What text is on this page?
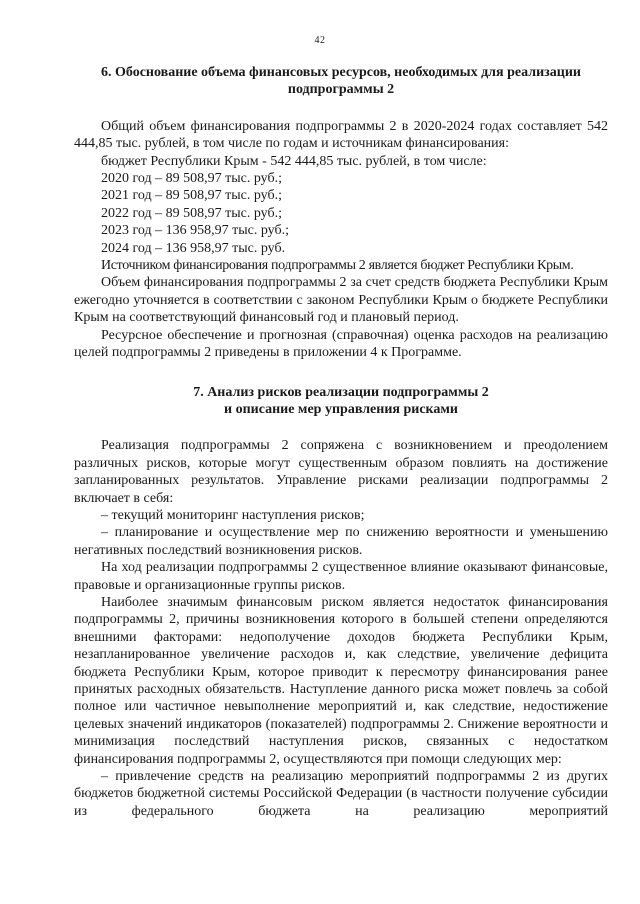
42
6. Обоснование объема финансовых ресурсов, необходимых для реализации
подпрограммы 2

Общий объем финансирования подпрограммы 2 в 2020-2024 годах составляет 542 444,85 тыс. рублей, в том числе по годам и источникам финансирования:

бюджет Республики Крым - 542 444,85 тыс. рублей, в том числе:

2020 год – 89 508,97 тыс. руб.;

2021 год – 89 508,97 тыс. руб.;

2022 год – 89 508,97 тыс. руб.;

2023 год – 136 958,97 тыс. руб.;

2024 год – 136 958,97 тыс. руб.

Источником финансирования подпрограммы 2 является бюджет Республики Крым.

Объем финансирования подпрограммы 2 за счет средств бюджета Республики Крым ежегодно уточняется в соответствии с законом Республики Крым о бюджете Республики Крым на соответствующий финансовый год и плановый период.

Ресурсное обеспечение и прогнозная (справочная) оценка расходов на реализацию целей подпрограммы 2 приведены в приложении 4 к Программе.

7. Анализ рисков реализации подпрограммы 2
и описание мер управления рисками

Реализация подпрограммы 2 сопряжена с возникновением и преодолением различных рисков, которые могут существенным образом повлиять на достижение запланированных результатов. Управление рисками реализации подпрограммы 2 включает в себя:

– текущий мониторинг наступления рисков;

– планирование и осуществление мер по снижению вероятности и уменьшению негативных последствий возникновения рисков.

На ход реализации подпрограммы 2 существенное влияние оказывают финансовые, правовые и организационные группы рисков.

Наиболее значимым финансовым риском является недостаток финансирования подпрограммы 2, причины возникновения которого в большей степени определяются внешними факторами: недополучение доходов бюджета Республики Крым, незапланированное увеличение расходов и, как следствие, увеличение дефицита бюджета Республики Крым, которое приводит к пересмотру финансирования ранее принятых расходных обязательств. Наступление данного риска может повлечь за собой полное или частичное невыполнение мероприятий и, как следствие, недостижение целевых значений индикаторов (показателей) подпрограммы 2. Снижение вероятности и минимизация последствий наступления рисков, связанных с недостатком финансирования подпрограммы 2, осуществляются при помощи следующих мер:

– привлечение средств на реализацию мероприятий подпрограммы 2 из других бюджетов бюджетной системы Российской Федерации (в частности получение субсидии из федерального бюджета на реализацию мероприятий
